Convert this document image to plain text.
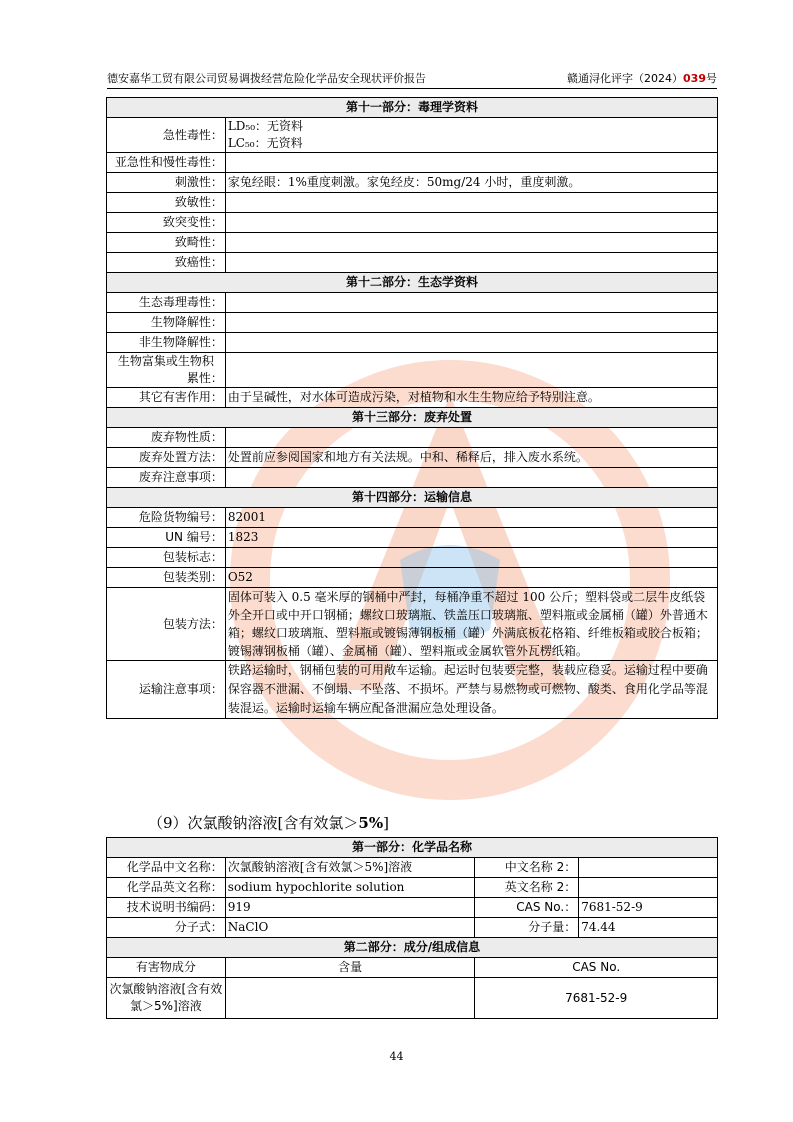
德安嘉华工贸有限公司贸易调拨经营危险化学品安全现状评价报告	赣通浔化评字（2024）039号
第十一部分：毒理学资料	
急性毒性：	LD₅₀：无资料
LC₅₀：无资料

亚急性和慢性毒性：	
刺激性：	家兔经眼：1%重度刺激。家兔经皮：50mg/24 小时，重度刺激。
致敏性：	
致突变性：	
致畸性：	
致癌性：	
第十二部分：生态学资料	
生态毒理毒性：	
生物降解性：	
非生物降解性：	

生物富集或生物积
累性：	

其它有害作用：	由于呈碱性，对水体可造成污染，对植物和水生生物应给予特别注意。
第十三部分：废弃处置	
废弃物性质：	
废弃处置方法：	处置前应参阅国家和地方有关法规。中和、稀释后，排入废水系统。
废弃注意事项：	
第十四部分：运输信息	
危险货物编号：	82001
UN 编号：	1823
包装标志：	
包装类别：	O52
包装方法：	固体可装入 0.5 毫米厚的钢桶中严封，每桶净重不超过 100 公斤；塑料袋或二层牛皮纸袋外全开口或中开口钢桶；螺纹口玻璃瓶、铁盖压口玻璃瓶、塑料瓶或金属桶（罐）外普通木箱；螺纹口玻璃瓶、塑料瓶或镀锡薄钢板桶（罐）外满底板花格箱、纤维板箱或胶合板箱；镀锡薄钢板桶（罐）、金属桶（罐）、塑料瓶或金属软管外瓦楞纸箱。
运输注意事项：	铁路运输时，钢桶包装的可用敞车运输。起运时包装要完整，装载应稳妥。运输过程中要确保容器不泄漏、不倒塌、不坠落、不损坏。严禁与易燃物或可燃物、酸类、食用化学品等混装混运。运输时运输车辆应配备泄漏应急处理设备。
（9）次氯酸钠溶液[含有效氯＞5%]
第一部分：化学品名称			
化学品中文名称：	次氯酸钠溶液[含有效氯＞5%]溶液	中文名称 2：	
化学品英文名称：	sodium hypochlorite solution	英文名称 2：	
技术说明书编码：	919	CAS No.：	7681-52-9
分子式：	NaClO	分子量：	74.44
第二部分：成分/组成信息			
有害物成分	含量	CAS No.	
次氯酸钠溶液[含有效氯＞5%]溶液		7681-52-9	
44
